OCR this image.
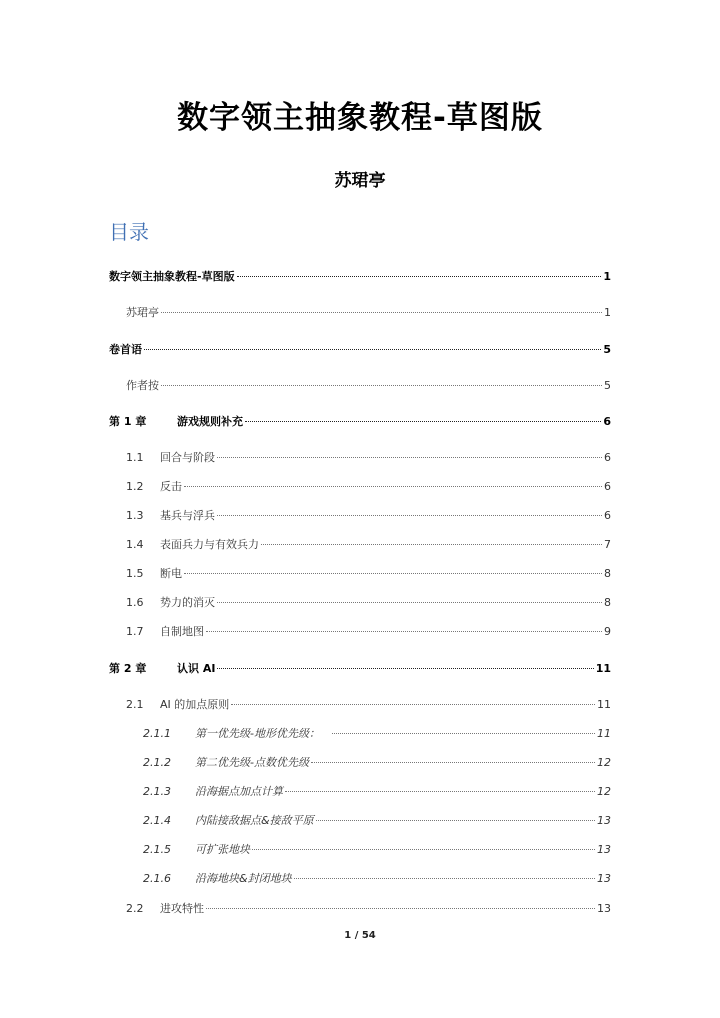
数字领主抽象教程-草图版
苏珺亭
目录
数字领主抽象教程-草图版	1
苏珺亭	1
卷首语	5
作者按	5
第 1 章	游戏规则补充	6
1.1	回合与阶段	6
1.2	反击	6
1.3	基兵与浮兵	6
1.4	表面兵力与有效兵力	7
1.5	断电	8
1.6	势力的消灭	8
1.7	自制地图	9
第 2 章	认识 AI	11
2.1	AI 的加点原则	11
2.1.1	第一优先级-地形优先级：	11
2.1.2	第二优先级-点数优先级	12
2.1.3	沿海据点加点计算	12
2.1.4	内陆接敌据点&接敌平原	13
2.1.5	可扩张地块	13
2.1.6	沿海地块&封闭地块	13
2.2	进攻特性	13
1 / 54
